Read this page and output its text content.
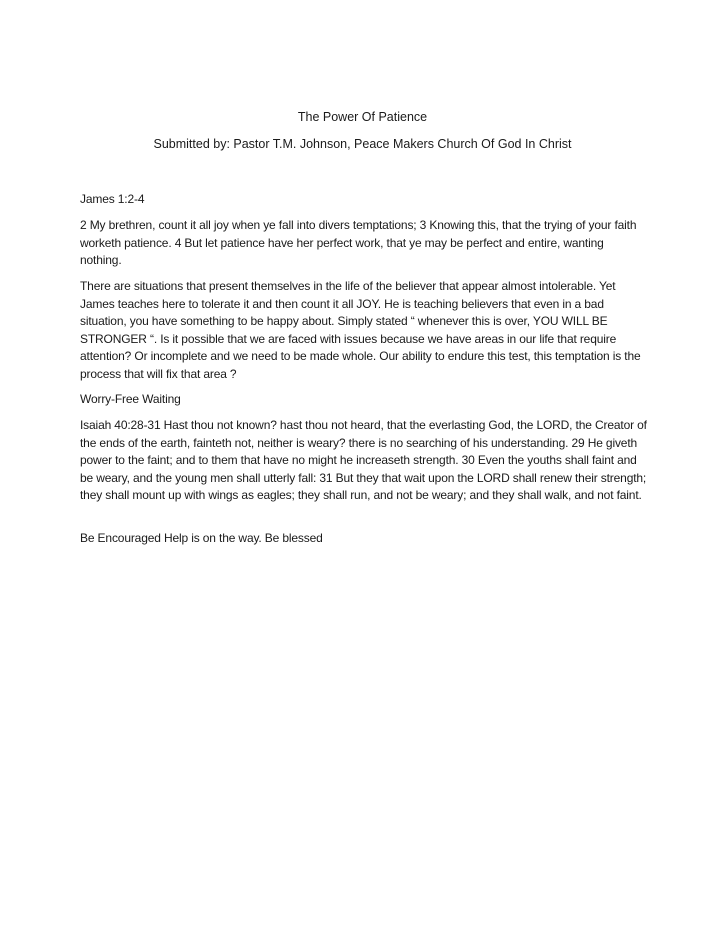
The Power Of Patience

Submitted by: Pastor T.M. Johnson, Peace Makers Church Of God In Christ

James 1:2-4

2 My brethren, count it all joy when ye fall into divers temptations; 3 Knowing this, that the trying of your faith worketh patience. 4 But let patience have her perfect work, that ye may be perfect and entire, wanting nothing.

There are situations that present themselves in the life of the believer that appear almost intolerable. Yet James teaches here to tolerate it and then count it all JOY. He is teaching believers that even in a bad situation, you have something to be happy about. Simply stated “ whenever this is over, YOU WILL BE STRONGER “. Is it possible that we are faced with issues because we have areas in our life that require attention? Or incomplete and we need to be made whole. Our ability to endure this test, this temptation is the process that will fix that area ?

Worry-Free Waiting

Isaiah 40:28-31 Hast thou not known? hast thou not heard, that the everlasting God, the LORD, the Creator of the ends of the earth, fainteth not, neither is weary? there is no searching of his understanding. 29 He giveth power to the faint; and to them that have no might he increaseth strength. 30 Even the youths shall faint and be weary, and the young men shall utterly fall: 31 But they that wait upon the LORD shall renew their strength; they shall mount up with wings as eagles; they shall run, and not be weary; and they shall walk, and not faint.

Be Encouraged Help is on the way. Be blessed
